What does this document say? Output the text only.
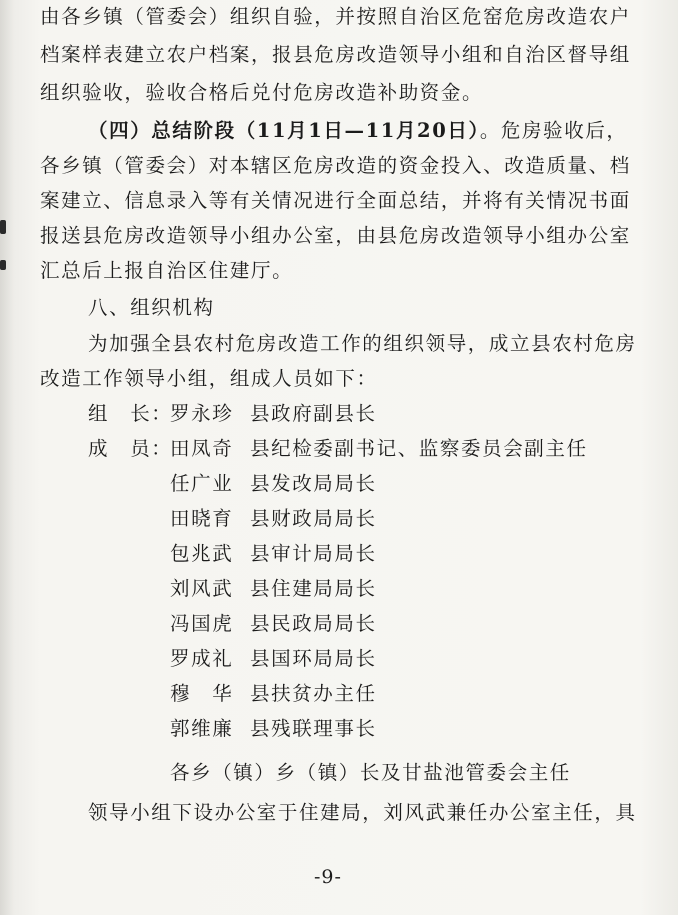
由各乡镇（管委会）组织自验，并按照自治区危窑危房改造农户
档案样表建立农户档案，报县危房改造领导小组和自治区督导组
组织验收，验收合格后兑付危房改造补助资金。
（四）总结阶段（11月1日—11月20日）。危房验收后，
各乡镇（管委会）对本辖区危房改造的资金投入、改造质量、档
案建立、信息录入等有关情况进行全面总结，并将有关情况书面
报送县危房改造领导小组办公室，由县危房改造领导小组办公室
汇总后上报自治区住建厅。
八、组织机构
为加强全县农村危房改造工作的组织领导，成立县农村危房
改造工作领导小组，组成人员如下：
组　长：
罗永珍 县政府副县长
成　员：
田凤奇 县纪检委副书记、监察委员会副主任
任广业 县发改局局长
田晓育 县财政局局长
包兆武 县审计局局长
刘风武 县住建局局长
冯国虎 县民政局局长
罗成礼 县国环局局长
穆　华 县扶贫办主任
郭维廉 县残联理事长
各乡（镇）乡（镇）长及甘盐池管委会主任
领导小组下设办公室于住建局，刘风武兼任办公室主任，具
-9-
